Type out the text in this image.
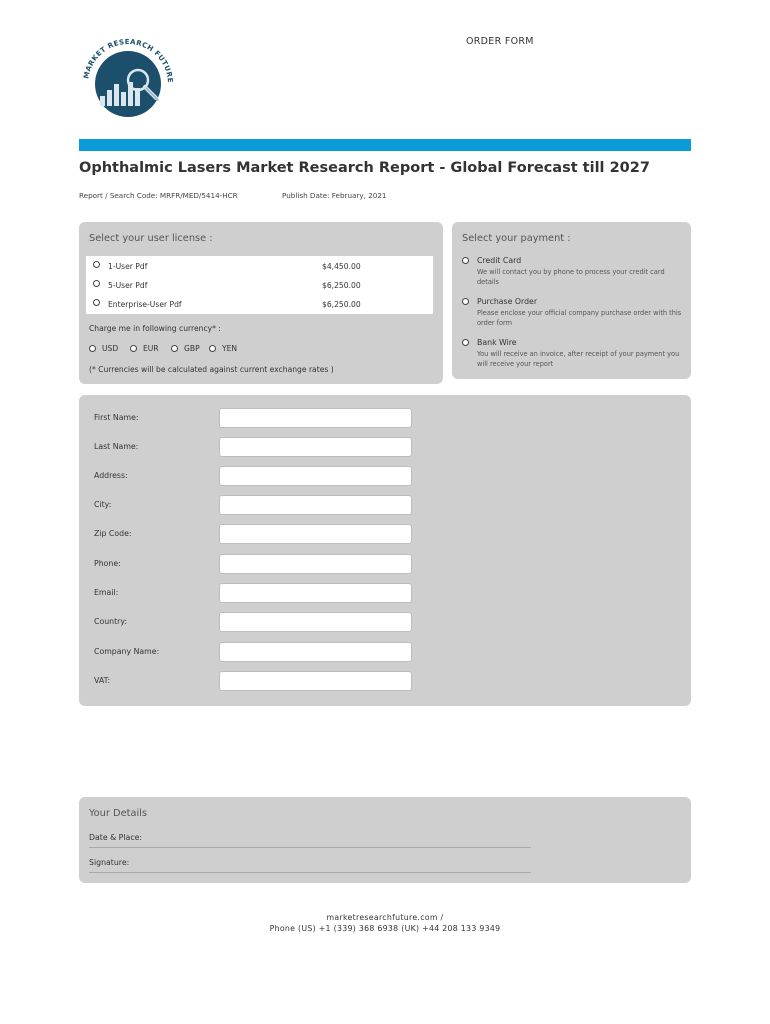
MARKET RESEARCH FUTURE
ORDER FORM
Ophthalmic Lasers Market Research Report - Global Forecast till 2027
Report / Search Code: MRFR/MED/5414-HCR	Publish Date: February, 2021
Select your user license :
1-User Pdf	$4,450.00
5-User Pdf	$6,250.00
Enterprise-User Pdf	$6,250.00
Charge me in following currency* :
USD	EUR	GBP	YEN
(* Currencies will be calculated against current exchange rates )
Select your payment :
Credit Card
We will contact you by phone to process your credit card details
Purchase Order
Please enclose your official company purchase order with this order form
Bank Wire
You will receive an invoice, after receipt of your payment you will receive your report
First Name:
Last Name:
Address:
City:
Zip Code:
Phone:
Email:
Country:
Company Name:
VAT:
Your Details
Date & Place:
Signature:
marketresearchfuture.com /
Phone (US) +1 (339) 368 6938 (UK) +44 208 133 9349
